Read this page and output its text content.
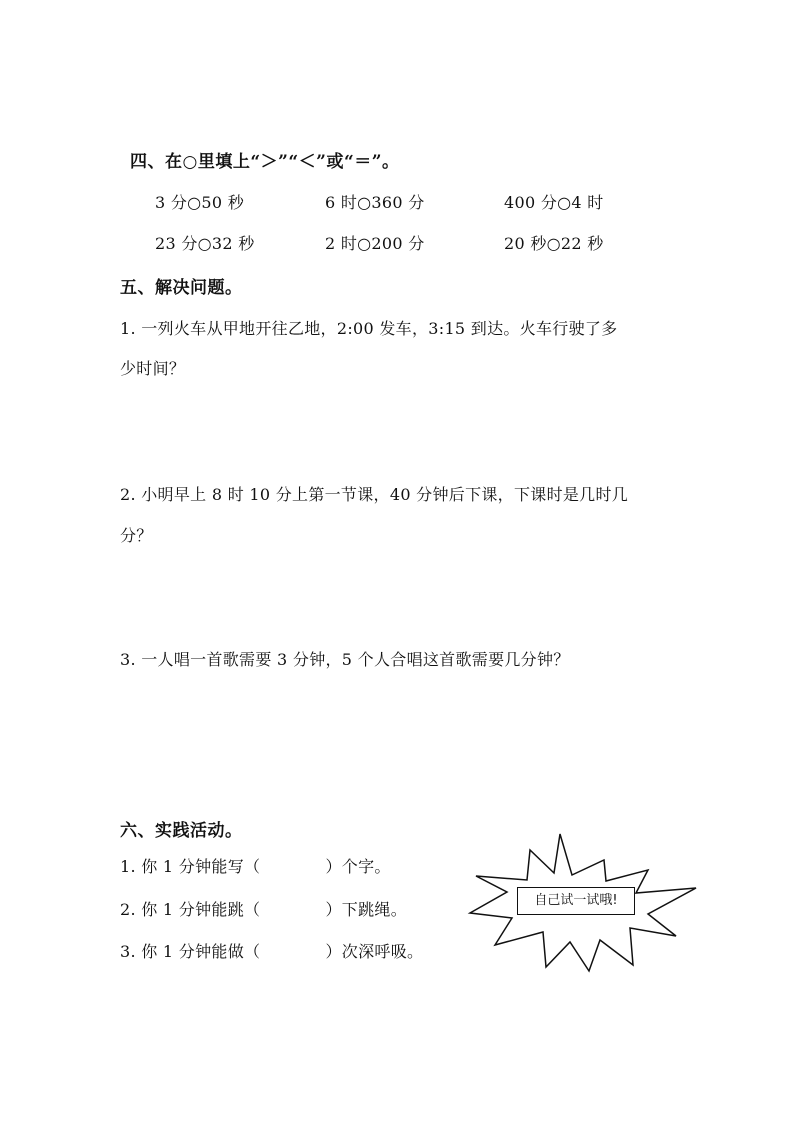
四、在○里填上“＞”“＜”或“＝”。
3 分○50 秒	6 时○360 分	400 分○4 时
23 分○32 秒	2 时○200 分	20 秒○22 秒
五、解决问题。
1. 一列火车从甲地开往乙地，2:00 发车，3:15 到达。火车行驶了多
少时间？
2. 小明早上 8 时 10 分上第一节课，40 分钟后下课，下课时是几时几
分？
3. 一人唱一首歌需要 3 分钟，5 个人合唱这首歌需要几分钟？
六、实践活动。
1. 你 1 分钟能写（　　　　）个字。
2. 你 1 分钟能跳（　　　　）下跳绳。
3. 你 1 分钟能做（　　　　）次深呼吸。
自己试一试哦!
